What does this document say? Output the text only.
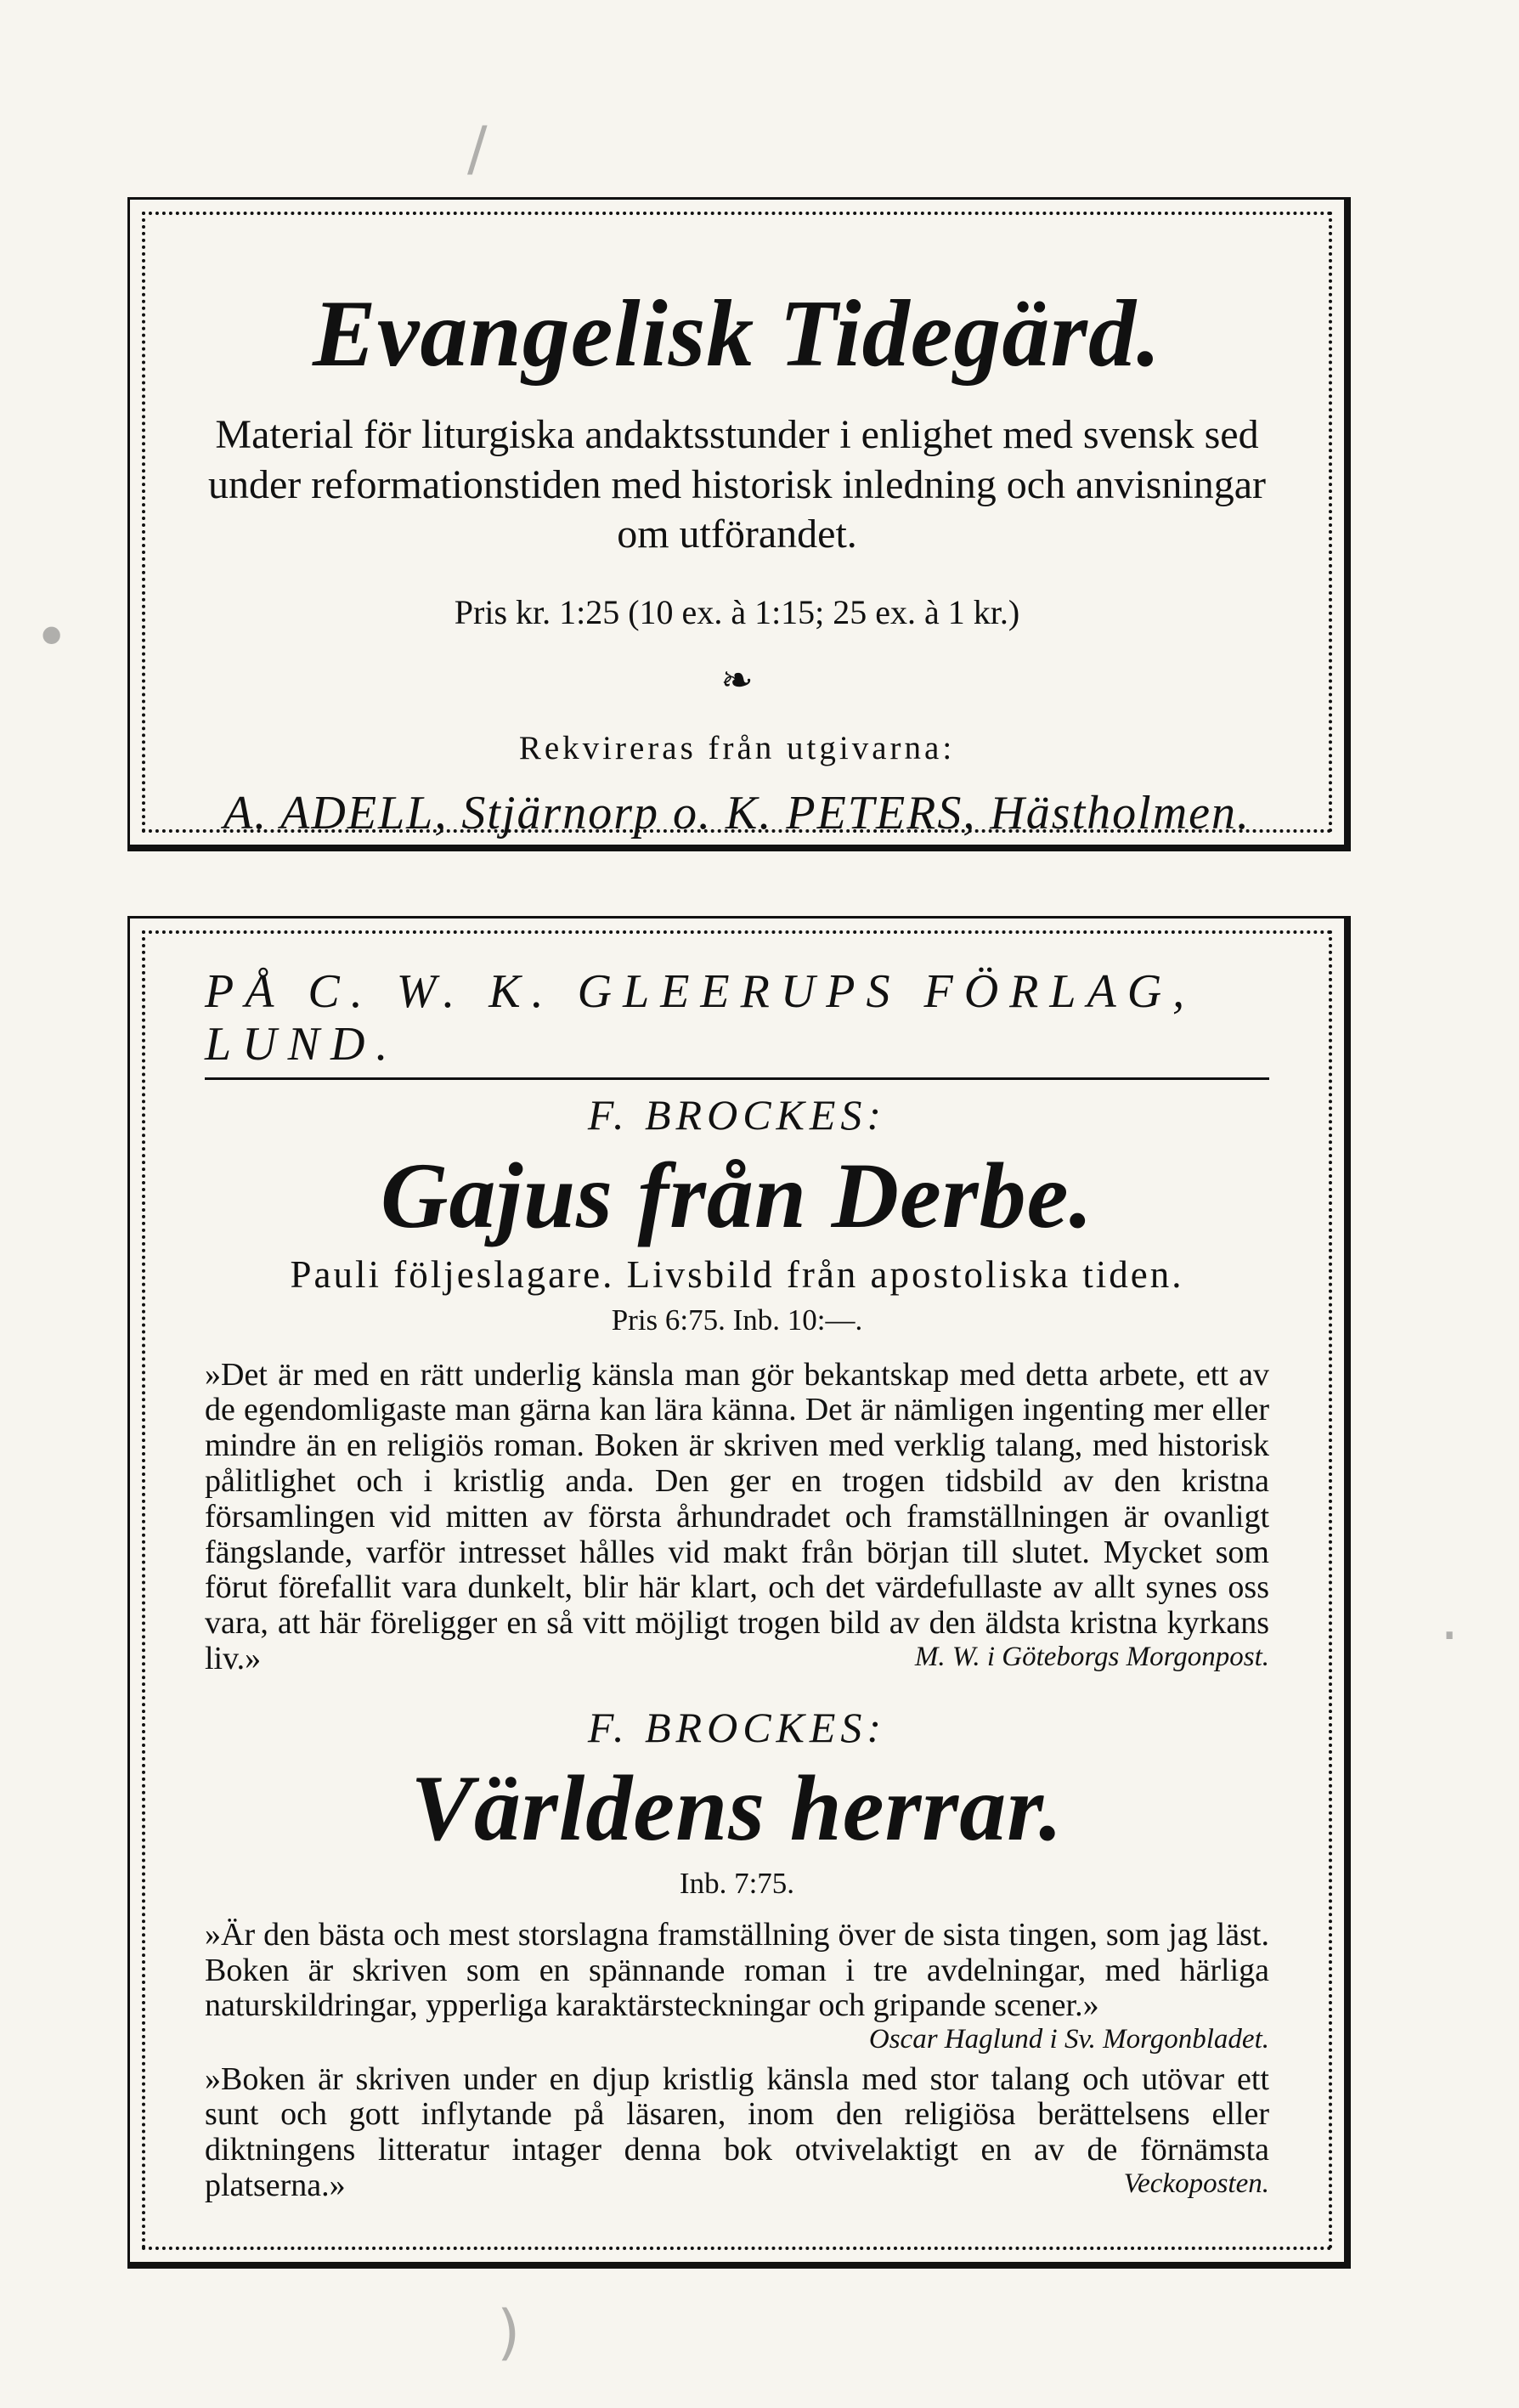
/
•
·
)
Evangelisk Tidegärd.
Material för liturgiska andaktsstunder i enlighet med svensk sed under reformationstiden med historisk inledning och anvisningar om utförandet.
Pris kr. 1:25 (10 ex. à 1:15; 25 ex. à 1 kr.)
❧
Rekvireras från utgivarna:
A. ADELL, Stjärnorp o. K. PETERS, Hästholmen.
PÅ C. W. K. GLEERUPS FÖRLAG, LUND.
F. BROCKES:
Gajus från Derbe.
Pauli följeslagare. Livsbild från apostoliska tiden.
Pris 6:75. Inb. 10:—.
»Det är med en rätt underlig känsla man gör bekantskap med detta arbete, ett av de egendomligaste man gärna kan lära känna. Det är nämligen ingenting mer eller mindre än en religiös roman. Boken är skriven med verklig talang, med historisk pålitlighet och i kristlig anda. Den ger en trogen tidsbild av den kristna församlingen vid mitten av första århundradet och framställningen är ovanligt fängslande, varför intresset hålles vid makt från början till slutet. Mycket som förut förefallit vara dunkelt, blir här klart, och det värdefullaste av allt synes oss vara, att här föreligger en så vitt möjligt trogen bild av den äldsta kristna kyrkans liv.»	M. W. i Göteborgs Morgonpost.
F. BROCKES:
Världens herrar.
Inb. 7:75.
»Är den bästa och mest storslagna framställning över de sista tingen, som jag läst. Boken är skriven som en spännande roman i tre avdelningar, med härliga naturskildringar, ypperliga karaktärsteckningar och gripande scener.»
Oscar Haglund i Sv. Morgonbladet.
»Boken är skriven under en djup kristlig känsla med stor talang och utövar ett sunt och gott inflytande på läsaren, inom den religiösa berättelsens eller diktningens litteratur intager denna bok otvivelaktigt en av de förnämsta platserna.»	Veckoposten.
